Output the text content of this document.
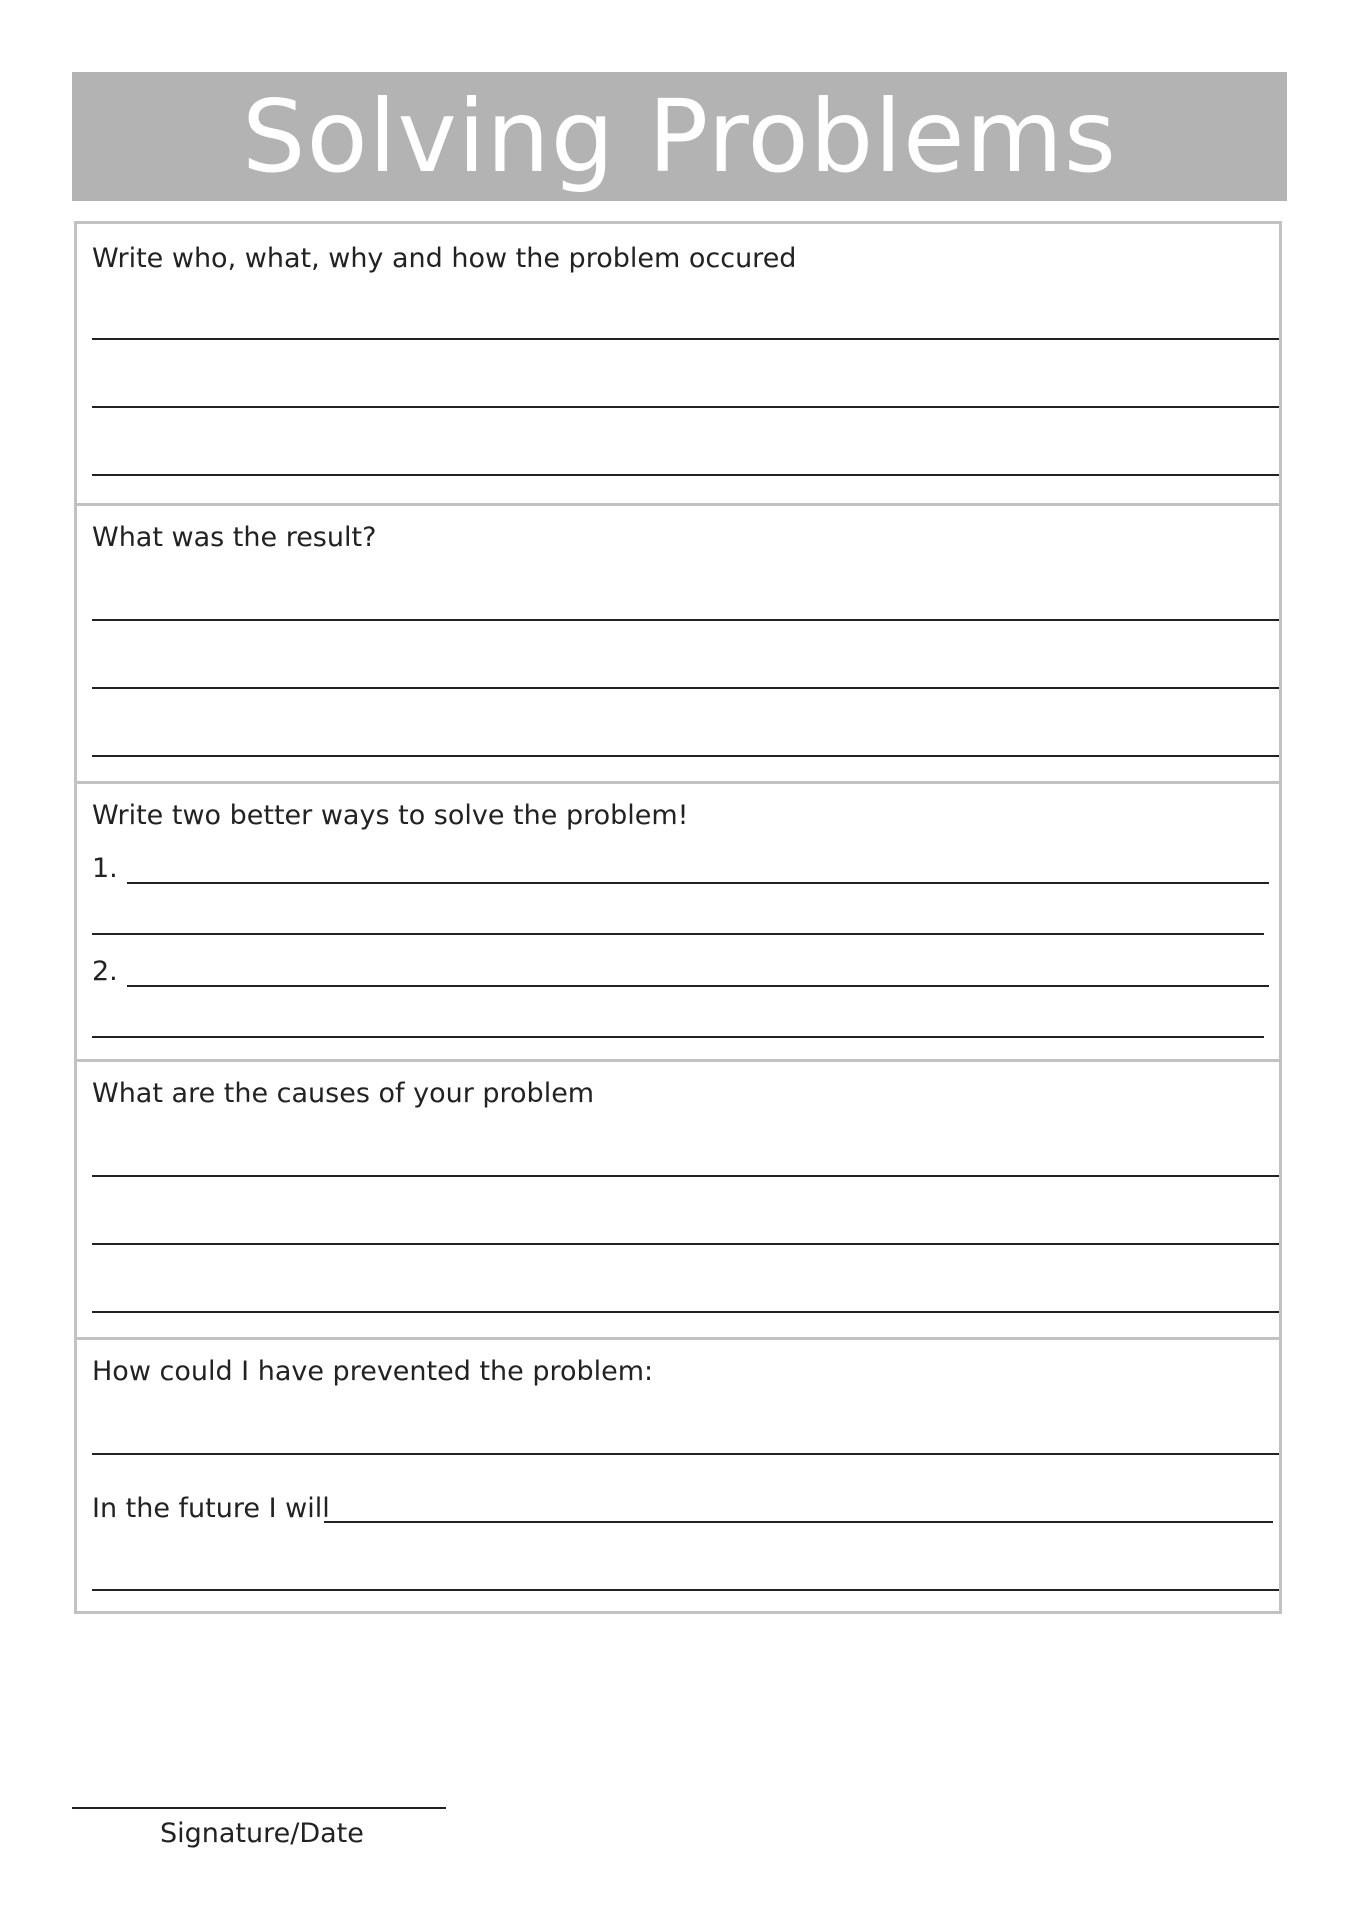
Solving Problems
Write who, what, why and how the problem occured
What was the result?
Write two better ways to solve the problem!
1.
2.
What are the causes of your problem
How could I have prevented the problem:
In the future I will
Signature/Date
